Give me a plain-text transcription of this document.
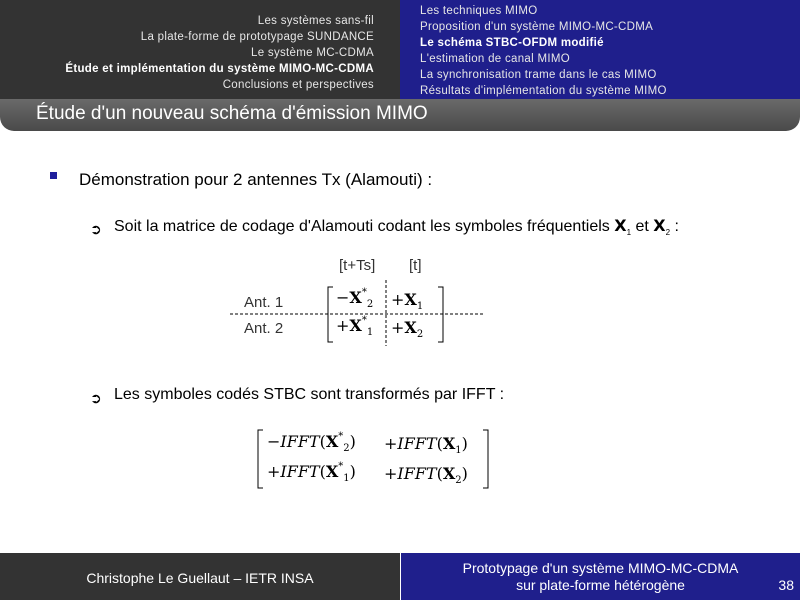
Les systèmes sans-fil
La plate-forme de prototypage SUNDANCE
Le système MC-CDMA
Étude et implémentation du système MIMO-MC-CDMA
Conclusions et perspectives
Les techniques MIMO
Proposition d'un système MIMO-MC-CDMA
Le schéma STBC-OFDM modifié
L'estimation de canal MIMO
La synchronisation trame dans le cas MIMO
Résultats d'implémentation du système MIMO
Étude d'un nouveau schéma d'émission MIMO
Démonstration pour 2 antennes Tx (Alamouti) :
➲ Soit la matrice de codage d'Alamouti codant les symboles fréquentiels $X_1$ et $X_2$ :
[t+Ts] [t]
Ant. 1
Ant. 2
$-X^*_2 +X_1$
$+X^*_1 +X_2$
➲ Les symboles codés STBC sont transformés par IFFT :
$-IFFT(X^*_2)$ $+IFFT(X_1)$
$+IFFT(X^*_1)$ $+IFFT(X_2)$
Christophe Le Guellaut – IETR INSA
Prototypage d'un système MIMO-MC-CDMA
sur plate-forme hétérogène	38
